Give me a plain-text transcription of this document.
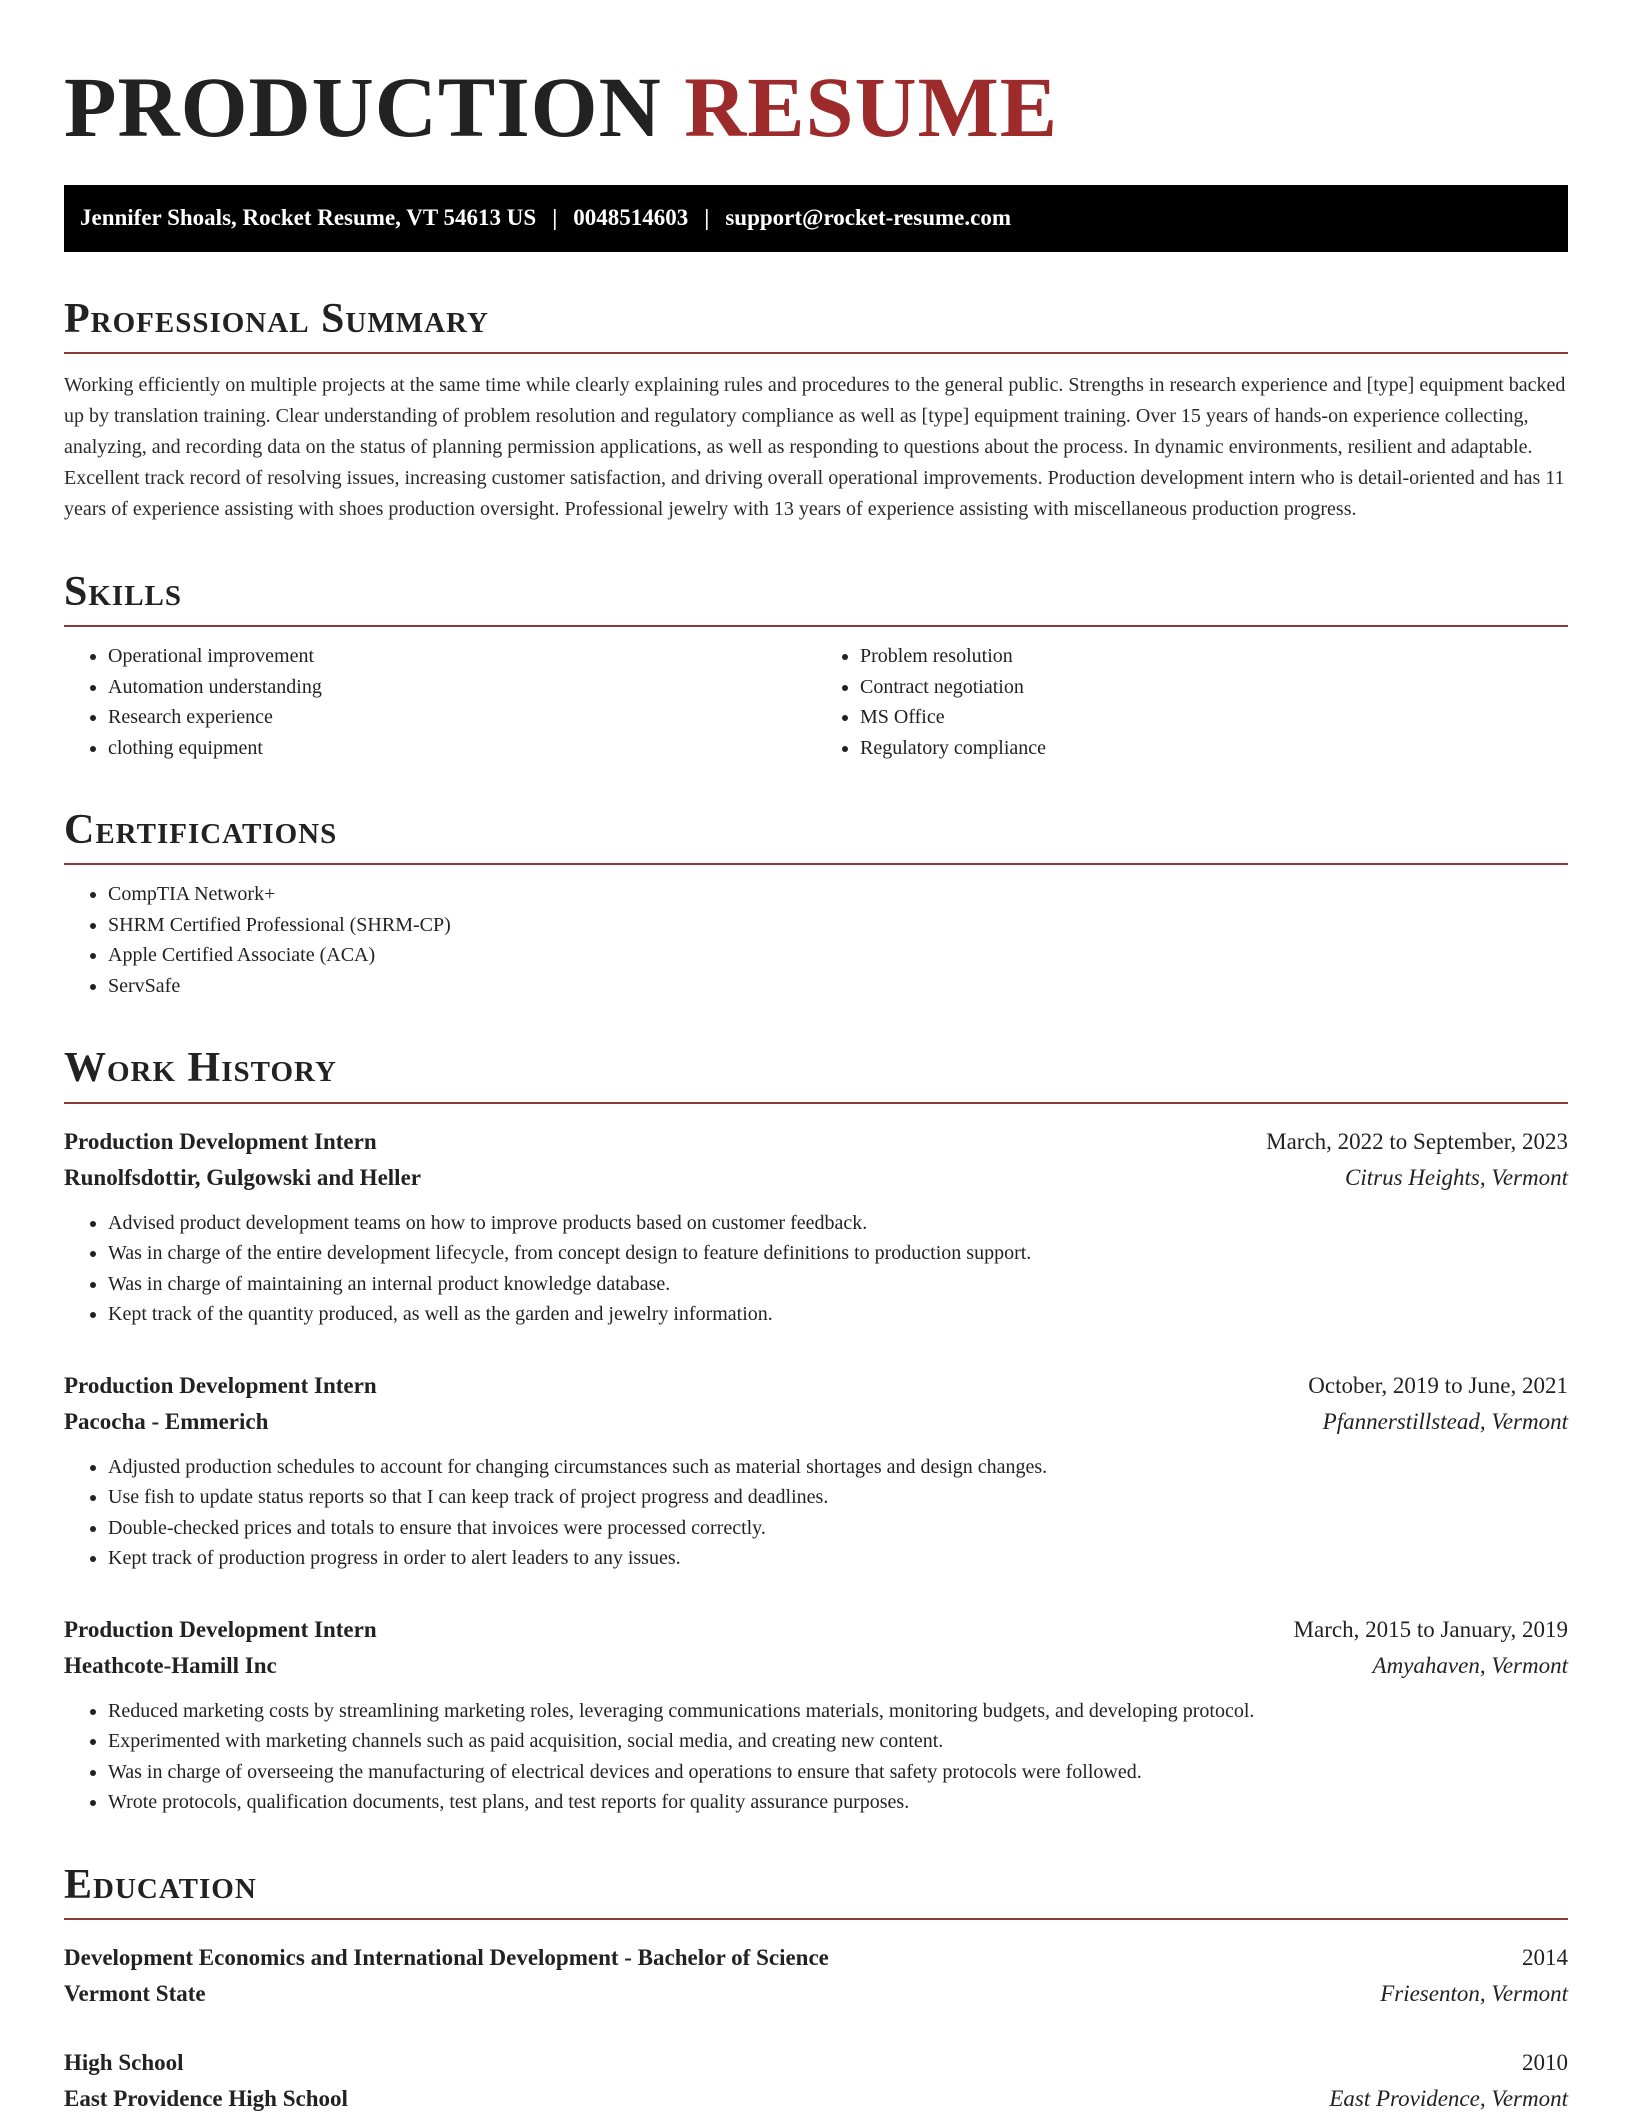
PRODUCTION RESUME
Jennifer Shoals, Rocket Resume, VT 54613 US | 0048514603 | support@rocket-resume.com
Professional Summary

Working efficiently on multiple projects at the same time while clearly explaining rules and procedures to the general public. Strengths in research experience and [type] equipment backed up by translation training. Clear understanding of problem resolution and regulatory compliance as well as [type] equipment training. Over 15 years of hands-on experience collecting, analyzing, and recording data on the status of planning permission applications, as well as responding to questions about the process. In dynamic environments, resilient and adaptable. Excellent track record of resolving issues, increasing customer satisfaction, and driving overall operational improvements. Production development intern who is detail-oriented and has 11 years of experience assisting with shoes production oversight. Professional jewelry with 13 years of experience assisting with miscellaneous production progress.

Skills
• Operational improvement
• Automation understanding
• Research experience
• clothing equipment
• Problem resolution
• Contract negotiation
• MS Office
• Regulatory compliance
Certifications
• CompTIA Network+
• SHRM Certified Professional (SHRM-CP)
• Apple Certified Associate (ACA)
• ServSafe
Work History
Production Development Intern	March, 2022 to September, 2023
Runolfsdottir, Gulgowski and Heller	Citrus Heights, Vermont
• Advised product development teams on how to improve products based on customer feedback.
• Was in charge of the entire development lifecycle, from concept design to feature definitions to production support.
• Was in charge of maintaining an internal product knowledge database.
• Kept track of the quantity produced, as well as the garden and jewelry information.
Production Development Intern	October, 2019 to June, 2021
Pacocha - Emmerich	Pfannerstillstead, Vermont
• Adjusted production schedules to account for changing circumstances such as material shortages and design changes.
• Use fish to update status reports so that I can keep track of project progress and deadlines.
• Double-checked prices and totals to ensure that invoices were processed correctly.
• Kept track of production progress in order to alert leaders to any issues.
Production Development Intern	March, 2015 to January, 2019
Heathcote-Hamill Inc	Amyahaven, Vermont
• Reduced marketing costs by streamlining marketing roles, leveraging communications materials, monitoring budgets, and developing protocol.
• Experimented with marketing channels such as paid acquisition, social media, and creating new content.
• Was in charge of overseeing the manufacturing of electrical devices and operations to ensure that safety protocols were followed.
• Wrote protocols, qualification documents, test plans, and test reports for quality assurance purposes.
Education
Development Economics and International Development - Bachelor of Science	2014
Vermont State	Friesenton, Vermont
High School	2010
East Providence High School	East Providence, Vermont
